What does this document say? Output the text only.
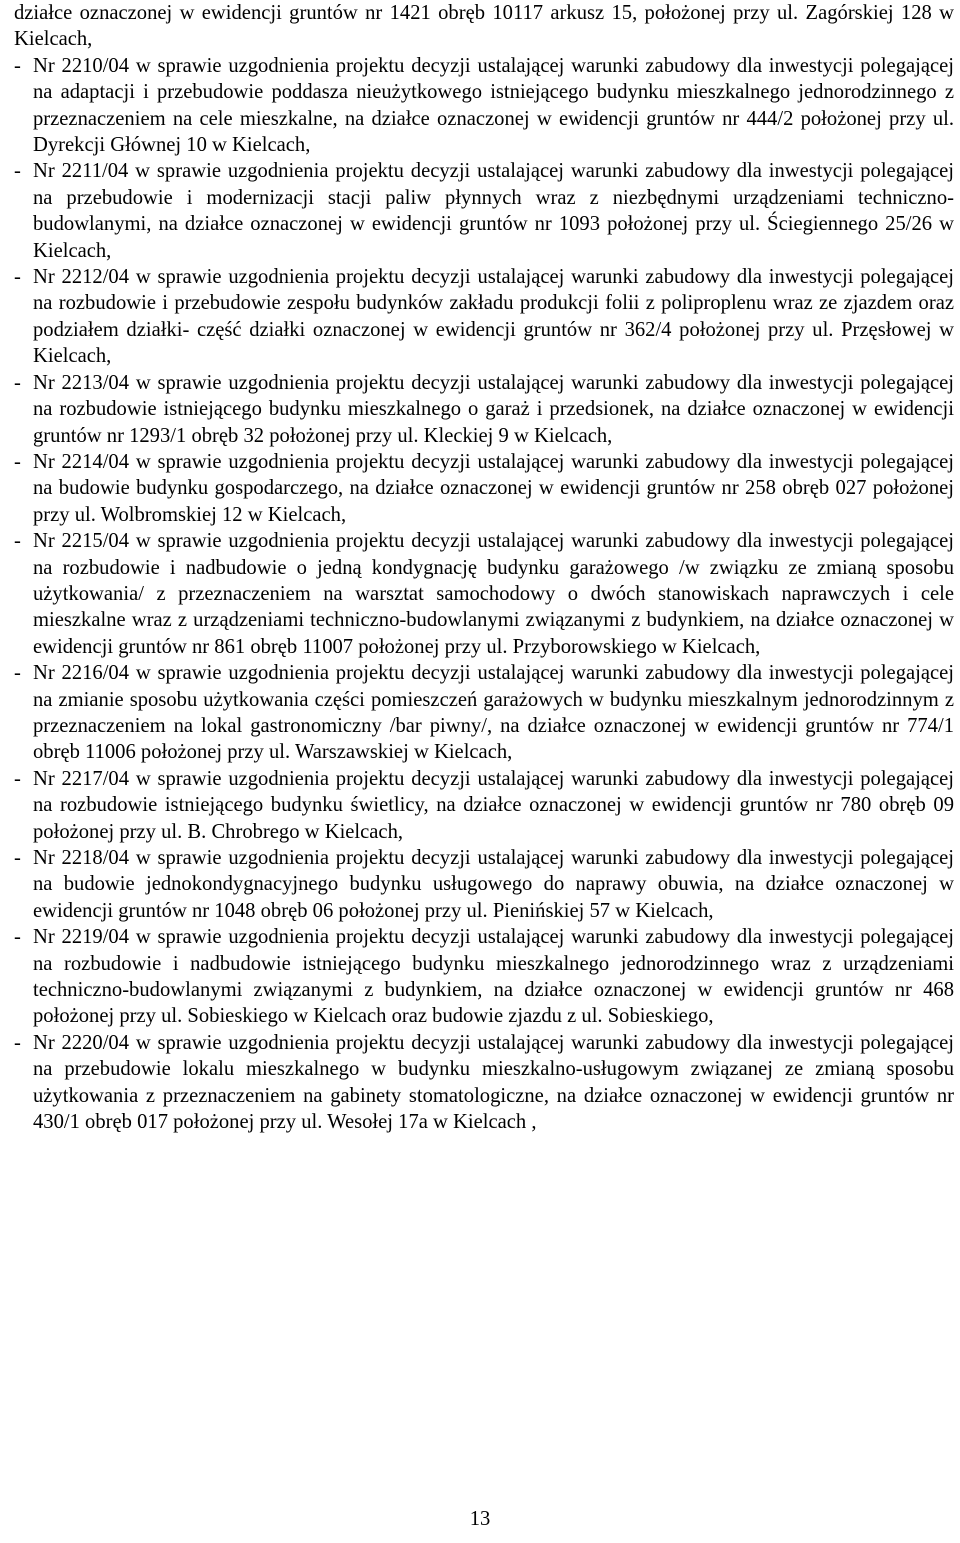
działce oznaczonej w ewidencji gruntów nr 1421 obręb 10117 arkusz 15, położonej przy ul. Zagórskiej 128 w Kielcach,

- Nr 2210/04 w sprawie uzgodnienia projektu decyzji ustalającej warunki zabudowy dla inwestycji polegającej na adaptacji i przebudowie poddasza nieużytkowego istniejącego budynku mieszkalnego jednorodzinnego z przeznaczeniem na cele mieszkalne, na działce oznaczonej w ewidencji gruntów nr 444/2 położonej przy ul. Dyrekcji Głównej 10 w Kielcach,

- Nr 2211/04 w sprawie uzgodnienia projektu decyzji ustalającej warunki zabudowy dla inwestycji polegającej na przebudowie i modernizacji stacji paliw płynnych wraz z niezbędnymi urządzeniami techniczno-budowlanymi, na działce oznaczonej w ewidencji gruntów nr 1093 położonej przy ul. Ściegiennego 25/26 w Kielcach,

- Nr 2212/04 w sprawie uzgodnienia projektu decyzji ustalającej warunki zabudowy dla inwestycji polegającej na rozbudowie i przebudowie zespołu budynków zakładu produkcji folii z poliproplenu wraz ze zjazdem oraz podziałem działki- część działki oznaczonej w ewidencji gruntów nr 362/4 położonej przy ul. Przęsłowej w Kielcach,

- Nr 2213/04 w sprawie uzgodnienia projektu decyzji ustalającej warunki zabudowy dla inwestycji polegającej na rozbudowie istniejącego budynku mieszkalnego o garaż i przedsionek, na działce oznaczonej w ewidencji gruntów nr 1293/1 obręb 32 położonej przy ul. Kleckiej 9 w Kielcach,

- Nr 2214/04 w sprawie uzgodnienia projektu decyzji ustalającej warunki zabudowy dla inwestycji polegającej na budowie budynku gospodarczego, na działce oznaczonej w ewidencji gruntów nr 258 obręb 027 położonej przy ul. Wolbromskiej 12 w Kielcach,

- Nr 2215/04 w sprawie uzgodnienia projektu decyzji ustalającej warunki zabudowy dla inwestycji polegającej na rozbudowie i nadbudowie o jedną kondygnację budynku garażowego /w związku ze zmianą sposobu użytkowania/ z przeznaczeniem na warsztat samochodowy o dwóch stanowiskach naprawczych i cele mieszkalne wraz z urządzeniami techniczno-budowlanymi związanymi z budynkiem, na działce oznaczonej w ewidencji gruntów nr 861 obręb 11007 położonej przy ul. Przyborowskiego w Kielcach,

- Nr 2216/04 w sprawie uzgodnienia projektu decyzji ustalającej warunki zabudowy dla inwestycji polegającej na zmianie sposobu użytkowania części pomieszczeń garażowych w budynku mieszkalnym jednorodzinnym z przeznaczeniem na lokal gastronomiczny /bar piwny/, na działce oznaczonej w ewidencji gruntów nr 774/1 obręb 11006 położonej przy ul. Warszawskiej w Kielcach,

- Nr 2217/04 w sprawie uzgodnienia projektu decyzji ustalającej warunki zabudowy dla inwestycji polegającej na rozbudowie istniejącego budynku świetlicy, na działce oznaczonej w ewidencji gruntów nr 780 obręb 09 położonej przy ul. B. Chrobrego w Kielcach,

- Nr 2218/04 w sprawie uzgodnienia projektu decyzji ustalającej warunki zabudowy dla inwestycji polegającej na budowie jednokondygnacyjnego budynku usługowego do naprawy obuwia, na działce oznaczonej w ewidencji gruntów nr 1048 obręb 06 położonej przy ul. Pienińskiej 57 w Kielcach,

- Nr 2219/04 w sprawie uzgodnienia projektu decyzji ustalającej warunki zabudowy dla inwestycji polegającej na rozbudowie i nadbudowie istniejącego budynku mieszkalnego jednorodzinnego wraz z urządzeniami techniczno-budowlanymi związanymi z budynkiem, na działce oznaczonej w ewidencji gruntów nr 468 położonej przy ul. Sobieskiego w Kielcach oraz budowie zjazdu z ul. Sobieskiego,

- Nr 2220/04 w sprawie uzgodnienia projektu decyzji ustalającej warunki zabudowy dla inwestycji polegającej na przebudowie lokalu mieszkalnego w budynku mieszkalno-usługowym związanej ze zmianą sposobu użytkowania z przeznaczeniem na gabinety stomatologiczne, na działce oznaczonej w ewidencji gruntów nr 430/1 obręb 017 położonej przy ul. Wesołej 17a w Kielcach ,

13
